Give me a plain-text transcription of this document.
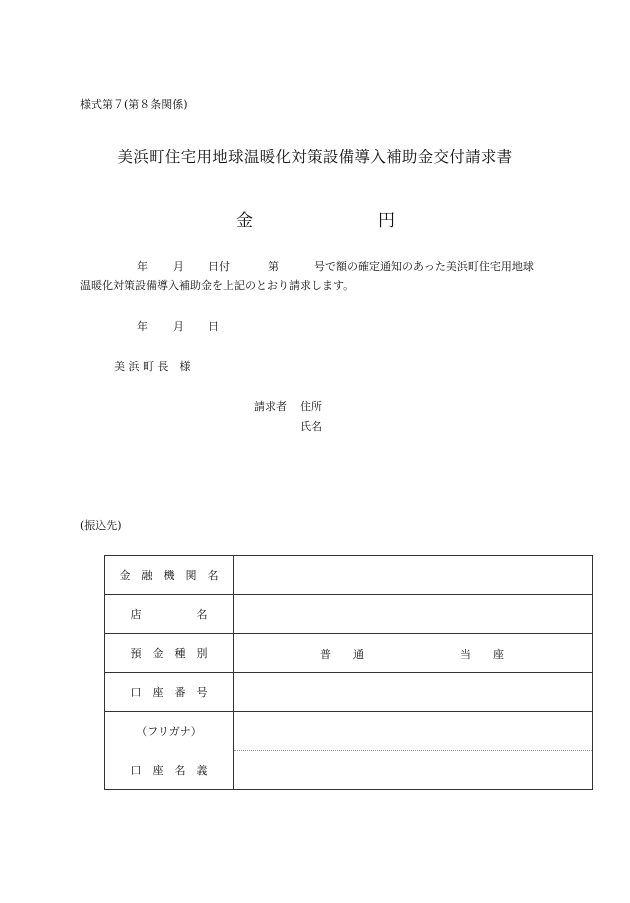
様式第７(第８条関係)
美浜町住宅用地球温暖化対策設備導入補助金交付請求書
金	円
年 月 日付	第	号で額の確定通知のあった美浜町住宅用地球
温暖化対策設備導入補助金を上記のとおり請求します。
年 月 日
美 浜 町 長　様
請求者 住所
氏名
(振込先)
金　融　機　関　名	
店　　　　　名	
預　金　種　別	普　　通 当　　座

口　座　番　号	
（フリガナ）	
口　座　名　義	
